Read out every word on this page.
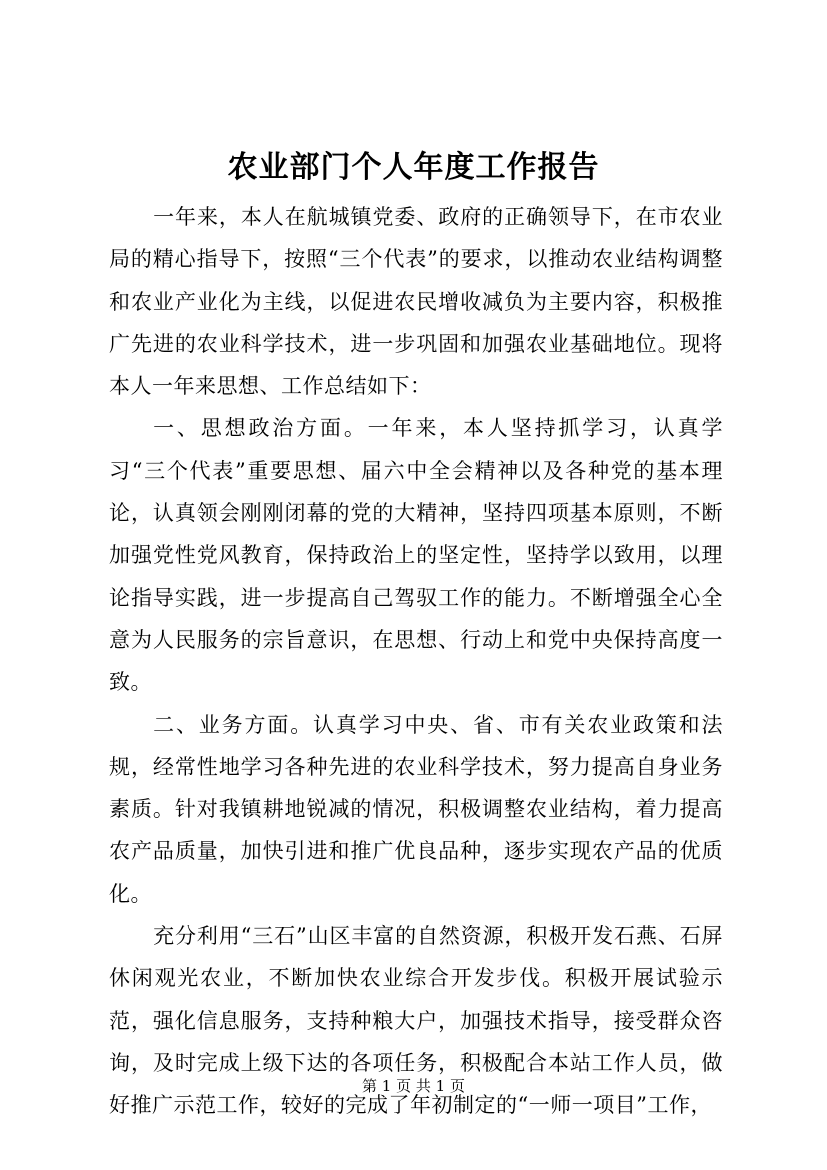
农业部门个人年度工作报告

一年来，本人在航城镇党委、政府的正确领导下，在市农业局的精心指导下，按照“三个代表”的要求，以推动农业结构调整和农业产业化为主线，以促进农民增收减负为主要内容，积极推广先进的农业科学技术，进一步巩固和加强农业基础地位。现将本人一年来思想、工作总结如下：

一、思想政治方面。一年来，本人坚持抓学习，认真学习“三个代表”重要思想、届六中全会精神以及各种党的基本理论，认真领会刚刚闭幕的党的大精神，坚持四项基本原则，不断加强党性党风教育，保持政治上的坚定性，坚持学以致用，以理论指导实践，进一步提高自己驾驭工作的能力。不断增强全心全意为人民服务的宗旨意识，在思想、行动上和党中央保持高度一致。

二、业务方面。认真学习中央、省、市有关农业政策和法规，经常性地学习各种先进的农业科学技术，努力提高自身业务素质。针对我镇耕地锐减的情况，积极调整农业结构，着力提高农产品质量，加快引进和推广优良品种，逐步实现农产品的优质化。

充分利用“三石”山区丰富的自然资源，积极开发石燕、石屏休闲观光农业，不断加快农业综合开发步伐。积极开展试验示范，强化信息服务，支持种粮大户，加强技术指导，接受群众咨询，及时完成上级下达的各项任务，积极配合本站工作人员，做好推广示范工作，较好的完成了年初制定的“一师一项目”工作，

第 1 页 共 1 页
